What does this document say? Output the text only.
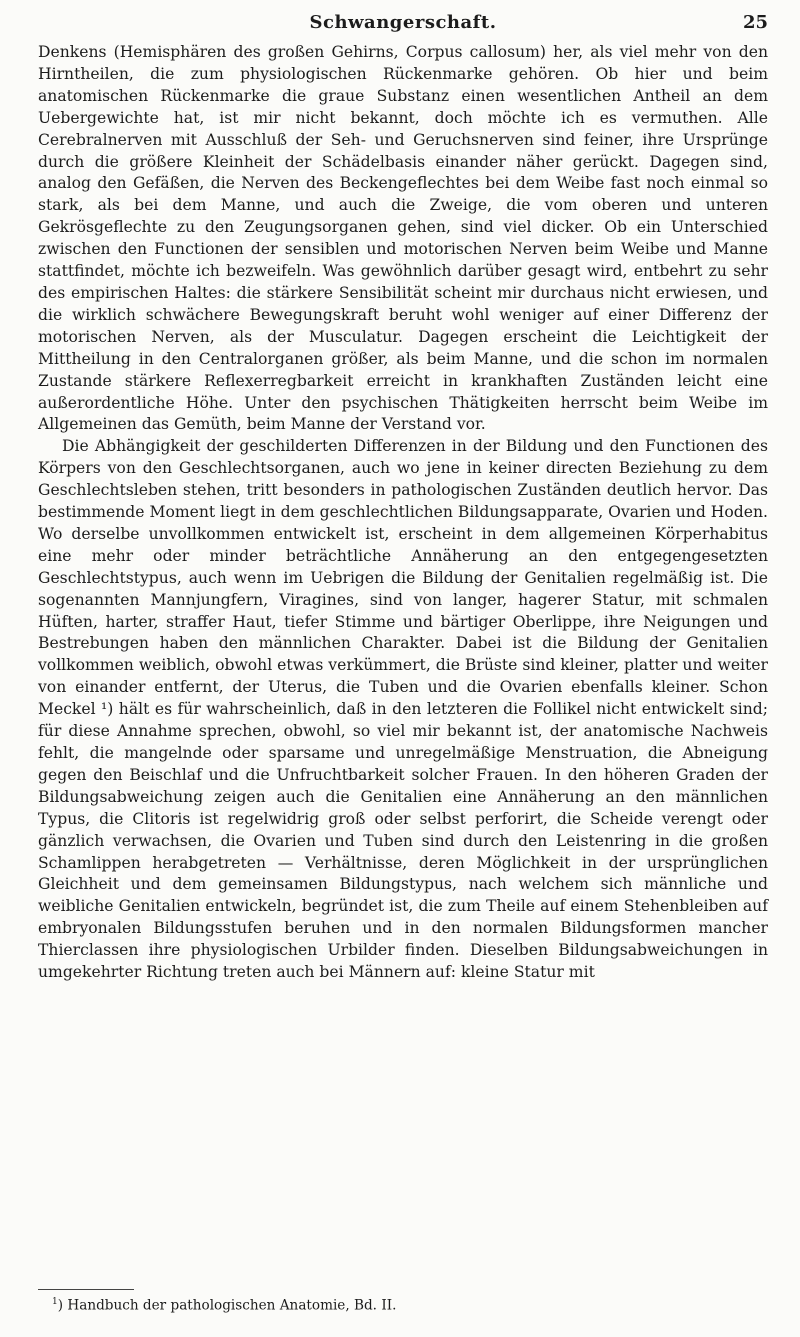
Schwangerschaft.	25

Denkens (Hemisphären des großen Gehirns, Corpus callosum) her, als viel mehr von den Hirntheilen, die zum physiologischen Rückenmarke gehören. Ob hier und beim anatomischen Rückenmarke die graue Substanz einen wesentlichen Antheil an dem Uebergewichte hat, ist mir nicht bekannt, doch möchte ich es vermuthen. Alle Cerebralnerven mit Ausschluß der Seh- und Geruchsnerven sind feiner, ihre Ursprünge durch die größere Kleinheit der Schädelbasis einander näher gerückt. Dagegen sind, analog den Gefäßen, die Nerven des Beckengeflechtes bei dem Weibe fast noch einmal so stark, als bei dem Manne, und auch die Zweige, die vom oberen und unteren Gekrösgeflechte zu den Zeugungsorganen gehen, sind viel dicker. Ob ein Unterschied zwischen den Functionen der sensiblen und motorischen Nerven beim Weibe und Manne stattfindet, möchte ich bezweifeln. Was gewöhnlich darüber gesagt wird, entbehrt zu sehr des empirischen Haltes: die stärkere Sensibilität scheint mir durchaus nicht erwiesen, und die wirklich schwächere Bewegungskraft beruht wohl weniger auf einer Differenz der motorischen Nerven, als der Musculatur. Dagegen erscheint die Leichtigkeit der Mittheilung in den Centralorganen größer, als beim Manne, und die schon im normalen Zustande stärkere Reflexerregbarkeit erreicht in krankhaften Zuständen leicht eine außerordentliche Höhe. Unter den psychischen Thätigkeiten herrscht beim Weibe im Allgemeinen das Gemüth, beim Manne der Verstand vor.

Die Abhängigkeit der geschilderten Differenzen in der Bildung und den Functionen des Körpers von den Geschlechtsorganen, auch wo jene in keiner directen Beziehung zu dem Geschlechtsleben stehen, tritt besonders in pathologischen Zuständen deutlich hervor. Das bestimmende Moment liegt in dem geschlechtlichen Bildungsapparate, Ovarien und Hoden. Wo derselbe unvollkommen entwickelt ist, erscheint in dem allgemeinen Körperhabitus eine mehr oder minder beträchtliche Annäherung an den entgegengesetzten Geschlechtstypus, auch wenn im Uebrigen die Bildung der Genitalien regelmäßig ist. Die sogenannten Mannjungfern, Viragines, sind von langer, hagerer Statur, mit schmalen Hüften, harter, straffer Haut, tiefer Stimme und bärtiger Oberlippe, ihre Neigungen und Bestrebungen haben den männlichen Charakter. Dabei ist die Bildung der Genitalien vollkommen weiblich, obwohl etwas verkümmert, die Brüste sind kleiner, platter und weiter von einander entfernt, der Uterus, die Tuben und die Ovarien ebenfalls kleiner. Schon Meckel ¹) hält es für wahrscheinlich, daß in den letzteren die Follikel nicht entwickelt sind; für diese Annahme sprechen, obwohl, so viel mir bekannt ist, der anatomische Nachweis fehlt, die mangelnde oder sparsame und unregelmäßige Menstruation, die Abneigung gegen den Beischlaf und die Unfruchtbarkeit solcher Frauen. In den höheren Graden der Bildungsabweichung zeigen auch die Genitalien eine Annäherung an den männlichen Typus, die Clitoris ist regelwidrig groß oder selbst perforirt, die Scheide verengt oder gänzlich verwachsen, die Ovarien und Tuben sind durch den Leistenring in die großen Schamlippen herabgetreten — Verhältnisse, deren Möglichkeit in der ursprünglichen Gleichheit und dem gemeinsamen Bildungstypus, nach welchem sich männliche und weibliche Genitalien entwickeln, begründet ist, die zum Theile auf einem Stehenbleiben auf embryonalen Bildungsstufen beruhen und in den normalen Bildungsformen mancher Thierclassen ihre physiologischen Urbilder finden. Dieselben Bildungsabweichungen in umgekehrter Richtung treten auch bei Männern auf: kleine Statur mit

$^1$) Handbuch der pathologischen Anatomie, Bd. II.
